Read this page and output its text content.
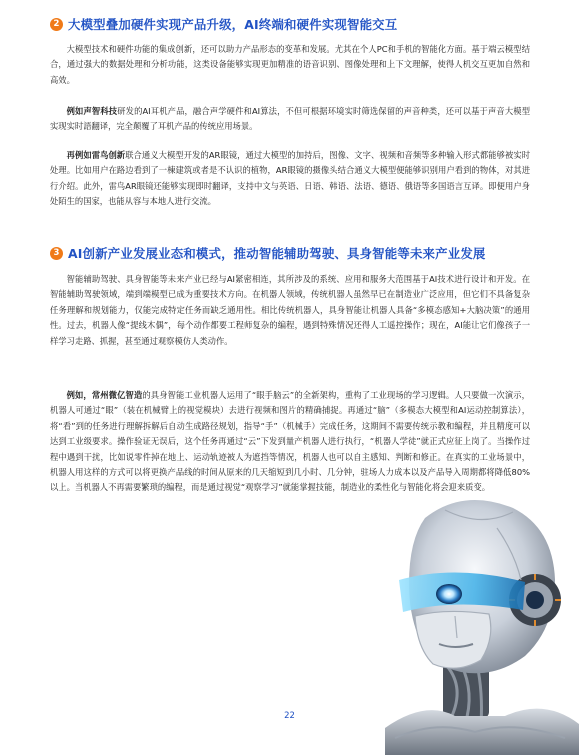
2 大模型叠加硬件实现产品升级，AI终端和硬件实现智能交互

大模型技术和硬件功能的集成创新，还可以助力产品形态的变革和发展。尤其在个人PC和手机的智能化方面。基于端云模型结合，通过强大的数据处理和分析功能，这类设备能够实现更加精准的语音识别、图像处理和上下文理解，使得人机交互更加自然和高效。

例如声智科技研发的AI耳机产品，融合声学硬件和AI算法，不但可根据环境实时筛选保留的声音种类，还可以基于声音大模型实现实时語翻译，完全颠覆了耳机产品的传统应用场景。

再例如雷鸟创新联合通义大模型开发的AR眼镜，通过大模型的加持后，图像、文字、视频和音频等多种输入形式都能够被实时处理。比如用户在路边看到了一棟建筑或者是不认识的植物，AR眼镜的摄像头结合通义大模型便能够识别用户看到的物体，对其进行介绍。此外，雷鸟AR眼镜还能够实现即时翻译，支持中文与英语、日语、韩语、法语、德语、俄语等多国语言互译。即便用户身处陌生的国家，也能从容与本地人进行交流。

3 AI创新产业发展业态和模式，推动智能辅助驾驶、具身智能等未来产业发展

智能辅助驾驶、具身智能等未来产业已经与AI紧密相连，其所涉及的系统、应用和服务大范围基于AI技术进行设计和开发。在智能辅助驾驶领域，端到端模型已成为重要技术方向。在机器人领域，传统机器人虽然早已在制造业广泛应用，但它们不具备复杂任务理解和规划能力，仅能完成特定任务而缺乏通用性。相比传统机器人，具身智能让机器人具备“多模态感知+大脑决策”的通用性。过去，机器人像“提线木偶”，每个动作都要工程师复杂的编程，遇到特殊情况还得人工遥控操作；现在，AI能让它们像孩子一样学习走路、抓握，甚至通过观察模仿人类动作。

例如，常州微亿智造的具身智能工业机器人运用了“眼手脑云”的全新架构，重构了工业现场的学习逻辑。人只要做一次演示，机器人可通过“眼”（装在机械臂上的视觉模块）去进行视频和图片的精确捕捉。再通过“脑”（多模态大模型和AI运动控制算法），将“看”到的任务进行理解拆解后自动生成路径规划，指导“手”（机械手）完成任务，这期间不需要传统示教和编程，并且精度可以达到工业级要求。操作验证无误后，这个任务再通过“云”下发到量产机器人进行执行，“机器人学徒”就正式应征上岗了。当操作过程中遇到干扰，比如说零件掉在地上、运动轨迹被人为遮挡等情况，机器人也可以自主感知、判断和修正。在真实的工业场景中，机器人用这样的方式可以将更换产品线的时间从原来的几天缩短到几小时、几分钟，驻场人力成本以及产品导入周期都将降低80%以上。当机器人不再需要繁琐的编程，而是通过视觉“观察学习”就能掌握技能，制造业的柔性化与智能化将会迎来质变。

22
